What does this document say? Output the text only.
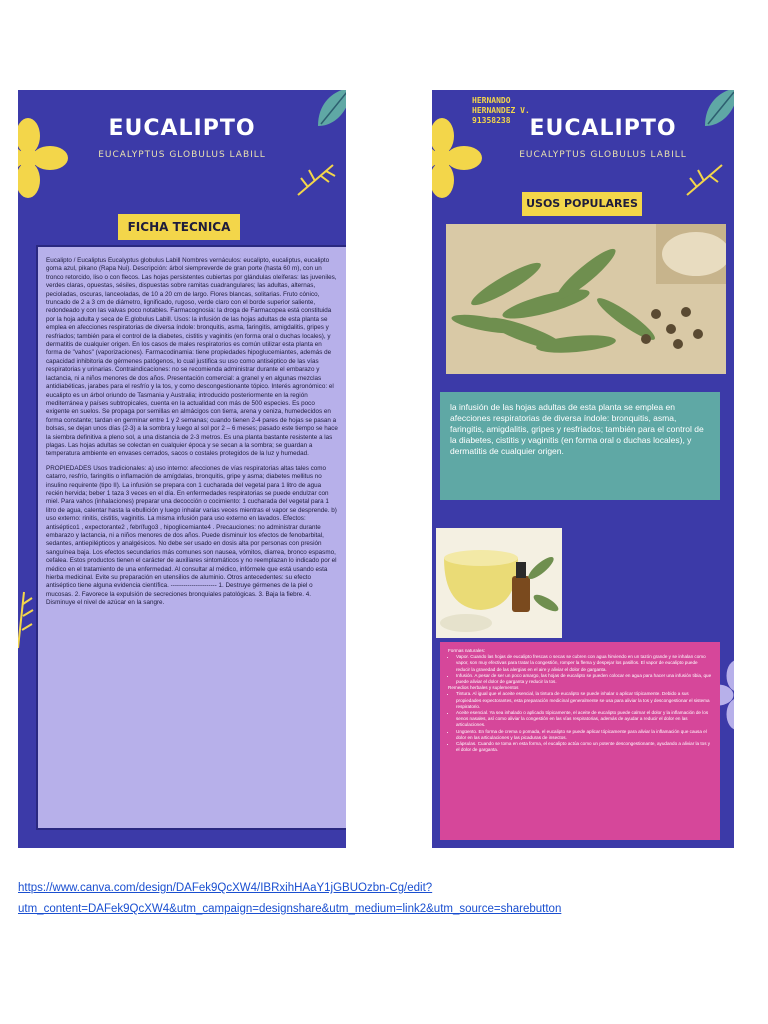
EUCALIPTO
EUCALYPTUS GLOBULUS LABILL
FICHA TECNICA

Eucalipto / Eucaliptus Eucalyptus globulus Labill Nombres vernáculos: eucalipto, eucaliptus, eucalipto goma azul, pikano (Rapa Nui). Descripción: árbol siempreverde de gran porte (hasta 60 m), con un tronco retorcido, liso o con flecos. Las hojas persistentes cubiertas por glándulas oleíferas: las juveniles, verdes claras, opuestas, sésiles, dispuestas sobre ramitas cuadrangulares; las adultas, alternas, pecioladas, oscuras, lanceoladas, de 10 a 20 cm de largo. Flores blancas, solitarias. Fruto cónico, truncado de 2 a 3 cm de diámetro, lignificado, rugoso, verde claro con el borde superior saliente, redondeado y con las valvas poco notables. Farmacognosia: la droga de Farmacopea está constituida por la hoja adulta y seca de E.globulus Labill. Usos: la infusión de las hojas adultas de esta planta se emplea en afecciones respiratorias de diversa índole: bronquitis, asma, faringitis, amigdalitis, gripes y resfriados; también para el control de la diabetes, cistitis y vaginitis (en forma oral o duchas locales), y dermatitis de cualquier origen. En los casos de males respiratorios es común utilizar esta planta en forma de "vahos" (vaporizaciones). Farmacodinamia: tiene propiedades hipoglucemiantes, además de capacidad inhibitoria de gérmenes patógenos, lo cual justifica su uso como antiséptico de las vías respiratorias y urinarias. Contraindicaciones: no se recomienda administrar durante el embarazo y lactancia, ni a niños menores de dos años. Presentación comercial: a granel y en algunas mezclas antidiabéticas, jarabes para el resfrío y la tos, y como descongestionante tópico. Interés agronómico: el eucalipto es un árbol oriundo de Tasmania y Australia; introducido posteriormente en la región mediterránea y países subtropicales, cuenta en la actualidad con más de 500 especies. Es poco exigente en suelos. Se propaga por semillas en almácigos con tierra, arena y ceniza, humedecidos en forma constante; tardan en germinar entre 1 y 2 semanas; cuando tienen 2-4 pares de hojas se pasan a bolsas, se dejan unos días (2-3) a la sombra y luego al sol por 2 – 6 meses; pasado este tiempo se hace la siembra definitiva a pleno sol, a una distancia de 2-3 metros. Es una planta bastante resistente a las plagas. Las hojas adultas se colectan en cualquier época y se secan a la sombra; se guardan a temperatura ambiente en envases cerrados, sacos o costales protegidos de la luz y humedad.

PROPIEDADES Usos tradicionales: a) uso interno: afecciones de vías respiratorias altas tales como catarro, resfrío, faringitis o inflamación de amígdalas, bronquitis, gripe y asma; diabetes mellitus no insulino requirente (tipo II). La infusión se prepara con 1 cucharada del vegetal para 1 litro de agua recién hervida; beber 1 taza 3 veces en el día. En enfermedades respiratorias se puede endulzar con miel. Para vahos (inhalaciones) preparar una decocción o cocimiento: 1 cucharada del vegetal para 1 litro de agua, calentar hasta la ebullición y luego inhalar varias veces mientras el vapor se desprende. b) uso externo: rinitis, cistitis, vaginitis. La misma infusión para uso externo en lavados. Efectos: antiséptico1 , expectorante2 , febrífugo3 , hipoglicemiante4 . Precauciones: no administrar durante embarazo y lactancia, ni a niños menores de dos años. Puede disminuir los efectos de fenobarbital, sedantes, antiepilépticos y analgésicos. No debe ser usado en dosis alta por personas con presión sanguínea baja. Los efectos secundarios más comunes son nausea, vómitos, diarrea, bronco espasmo, cefalea. Estos productos tienen el carácter de auxiliares sintomáticos y no reemplazan lo indicado por el médico en el tratamiento de una enfermedad. Al consultar al médico, infórmele que está usando esta hierba medicinal. Evite su preparación en utensilios de aluminio. Otros antecedentes: su efecto antiséptico tiene alguna evidencia científica. ---------------------- 1. Destruye gérmenes de la piel o mucosas. 2. Favorece la expulsión de secreciones bronquiales patológicas. 3. Baja la fiebre. 4. Disminuye el nivel de azúcar en la sangre.

HERNANDO
HERNANDEZ V.
91358238 EUCALIPTO
EUCALYPTUS GLOBULUS LABILL
USOS POPULARES

la infusión de las hojas adultas de esta planta se emplea en afecciones respiratorias de diversa índole: bronquitis, asma, faringitis, amigdalitis, gripes y resfriados; también para el control de la diabetes, cistitis y vaginitis (en forma oral o duchas locales), y dermatitis de cualquier origen.

Formas naturales:
• Vapor. Cuando las hojas de eucalipto frescas o secas se cubren con agua hirviendo en un tazón grande y se inhalan como vapor, son muy efectivas para tratar la congestión, romper la flema y despejar los pasillos. El vapor de eucalipto puede reducir la gravedad de las alergias en el aire y aliviar el dolor de garganta.
• Infusión. A pesar de ser un poco amargo, las hojas de eucalipto se pueden colocar en agua para hacer una infusión tibia, que puede aliviar el dolor de garganta y reducir la tos.
Remedios herbales y suplementos
• Tintura. Al igual que el aceite esencial, la tintura de eucalipto se puede inhalar o aplicar tópicamente. Debido a sus propiedades expectorantes, esta preparación medicinal generalmente se usa para aliviar la tos y descongestionar el sistema respiratorio.
• Aceite esencial. Ya sea inhalado o aplicado tópicamente, el aceite de eucalipto puede calmar el dolor y la inflamación de los senos nasales, así como aliviar la congestión en las vías respiratorias, además de ayudar a reducir el dolor en las articulaciones.
• Ungüento. En forma de crema o pomada, el eucalipto se puede aplicar tópicamente para aliviar la inflamación que causa el dolor en las articulaciones y las picaduras de insectos.
• Cápsulas. Cuando se toma en esta forma, el eucalipto actúa como un potente descongestionante, ayudando a aliviar la tos y el dolor de garganta.
https://www.canva.com/design/DAFek9QcXW4/IBRxihHAaY1jGBUOzbn-Cg/edit?
utm_content=DAFek9QcXW4&utm_campaign=designshare&utm_medium=link2&utm_source=sharebutton
